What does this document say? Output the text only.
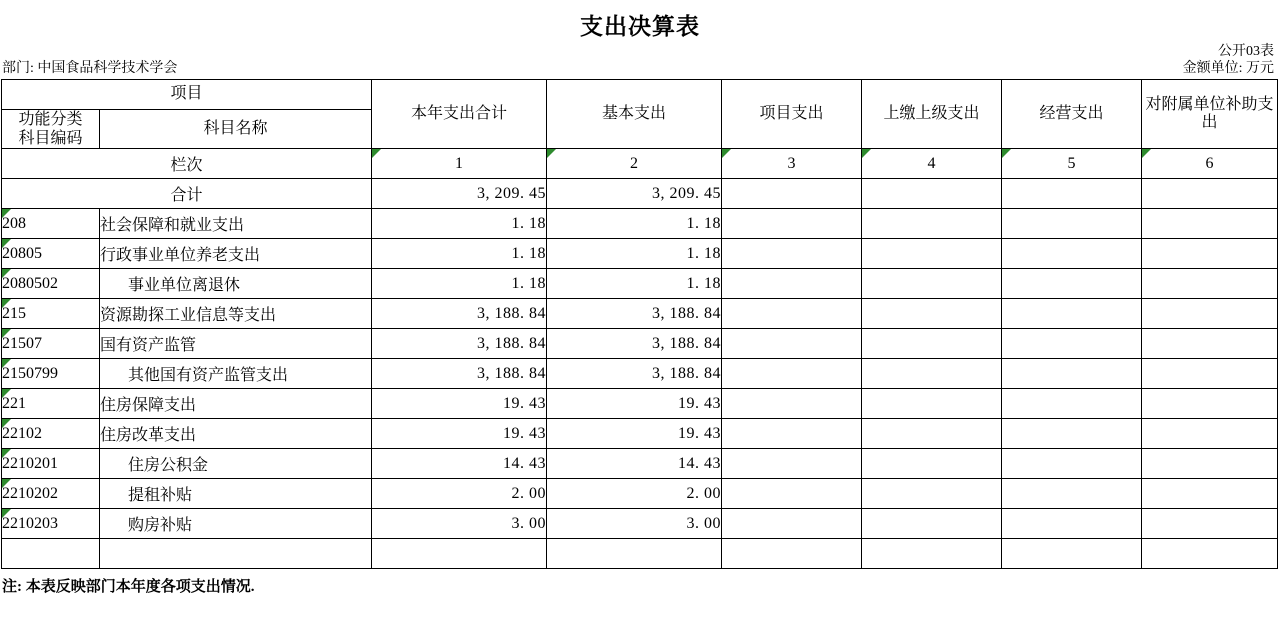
支出决算表
公开03表
部门: 中国食品科学技术学会	金额单位: 万元
项目		本年支出合计	基本支出	项目支出	上缴上级支出	经营支出	对附属单位补助支出

功能分类
科目编码	科目名称						
栏次		1	2	3	4	5	6
合计		3, 209. 45	3, 209. 45				
208	社会保障和就业支出	1. 18	1. 18				
20805	行政事业单位养老支出	1. 18	1. 18				
2080502	事业单位离退休	1. 18	1. 18				
215	资源勘探工业信息等支出	3, 188. 84	3, 188. 84				
21507	国有资产监管	3, 188. 84	3, 188. 84				
2150799	其他国有资产监管支出	3, 188. 84	3, 188. 84				
221	住房保障支出	19. 43	19. 43				
22102	住房改革支出	19. 43	19. 43				
2210201	住房公积金	14. 43	14. 43				
2210202	提租补贴	2. 00	2. 00				
2210203	购房补贴	3. 00	3. 00				

注: 本表反映部门本年度各项支出情况.
